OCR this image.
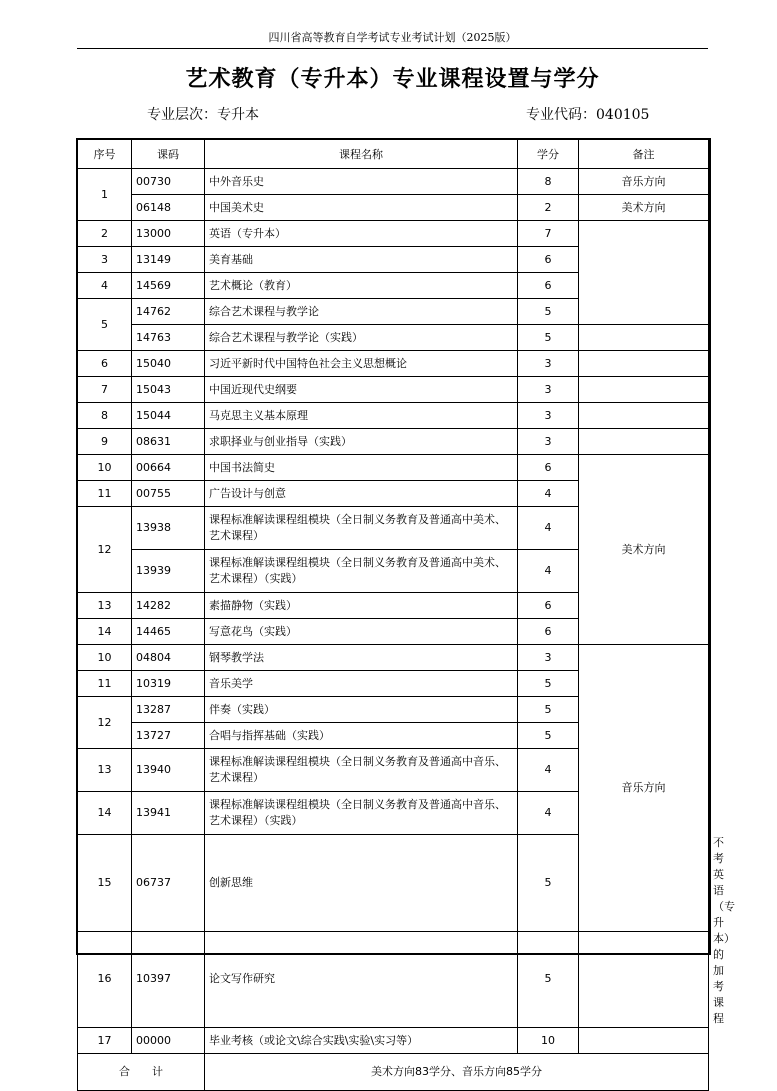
四川省高等教育自学考试专业考试计划（2025版）
艺术教育（专升本）专业课程设置与学分
专业层次：专升本	专业代码：040105
序号	课码	课程名称	学分	备注	
1	00730	中外音乐史	8	音乐方向	
	06148	中国美术史	2	美术方向	
2	13000	英语（专升本）	7		
3	13149	美育基础	6		
4	14569	艺术概论（教育）	6		
5	14762	综合艺术课程与教学论	5		
	14763	综合艺术课程与教学论（实践）	5		
6	15040	习近平新时代中国特色社会主义思想概论	3		
7	15043	中国近现代史纲要	3		
8	15044	马克思主义基本原理	3		
9	08631	求职择业与创业指导（实践）	3		
10	00664	中国书法简史	6	美术方向	
11	00755	广告设计与创意	4		
12	13938	课程标准解读课程组模块（全日制义务教育及普通高中美术、艺术课程）	4		
	13939	课程标准解读课程组模块（全日制义务教育及普通高中美术、艺术课程）（实践）	4		
13	14282	素描静物（实践）	6		
14	14465	写意花鸟（实践）	6		
10	04804	钢琴教学法	3	音乐方向	
11	10319	音乐美学	5		
12	13287	伴奏（实践）	5		
	13727	合唱与指挥基础（实践）	5		
13	13940	课程标准解读课程组模块（全日制义务教育及普通高中音乐、艺术课程）	4		
14	13941	课程标准解读课程组模块（全日制义务教育及普通高中音乐、艺术课程）（实践）	4		
15	06737	创新思维	5		不考英语（专升本）的加考课程
16	10397	论文写作研究	5		
17	00000	毕业考核（或论文\综合实践\实验\实习等）	10		
合　　计		美术方向83学分、音乐方向85学分			
